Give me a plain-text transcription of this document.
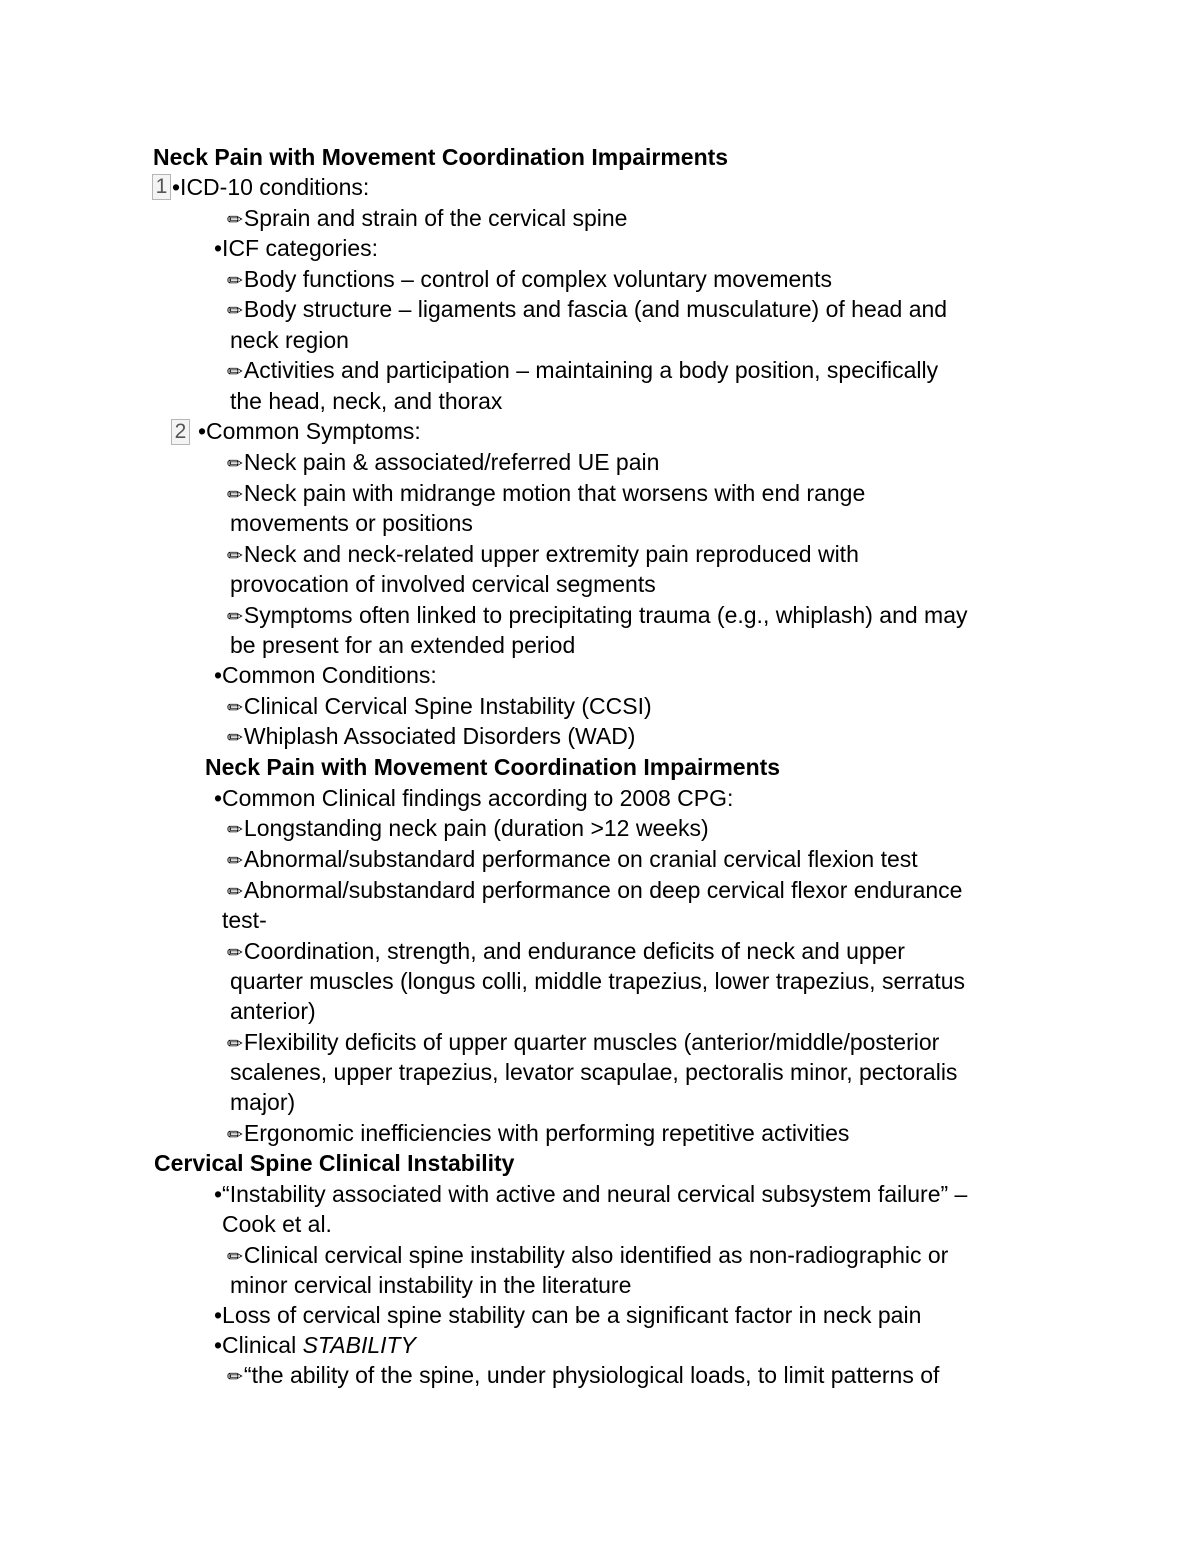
Neck Pain with Movement Coordination Impairments
1 •ICD-10 conditions:
✏Sprain and strain of the cervical spine
•ICF categories:
✏Body functions – control of complex voluntary movements
✏Body structure – ligaments and fascia (and musculature) of head and
neck region
✏Activities and participation – maintaining a body position, specifically
the head, neck, and thorax
2 •Common Symptoms:
✏Neck pain & associated/referred UE pain
✏Neck pain with midrange motion that worsens with end range
movements or positions
✏Neck and neck-related upper extremity pain reproduced with
provocation of involved cervical segments
✏Symptoms often linked to precipitating trauma (e.g., whiplash) and may
be present for an extended period
•Common Conditions:
✏Clinical Cervical Spine Instability (CCSI)
✏Whiplash Associated Disorders (WAD)
Neck Pain with Movement Coordination Impairments
•Common Clinical findings according to 2008 CPG:
✏Longstanding neck pain (duration >12 weeks)
✏Abnormal/substandard performance on cranial cervical flexion test
✏Abnormal/substandard performance on deep cervical flexor endurance
test-
✏Coordination, strength, and endurance deficits of neck and upper
quarter muscles (longus colli, middle trapezius, lower trapezius, serratus
anterior)
✏Flexibility deficits of upper quarter muscles (anterior/middle/posterior
scalenes, upper trapezius, levator scapulae, pectoralis minor, pectoralis
major)
✏Ergonomic inefficiencies with performing repetitive activities
Cervical Spine Clinical Instability
•“Instability associated with active and neural cervical subsystem failure” –
Cook et al.
✏Clinical cervical spine instability also identified as non-radiographic or
minor cervical instability in the literature
•Loss of cervical spine stability can be a significant factor in neck pain
•Clinical STABILITY
✏“the ability of the spine, under physiological loads, to limit patterns of
